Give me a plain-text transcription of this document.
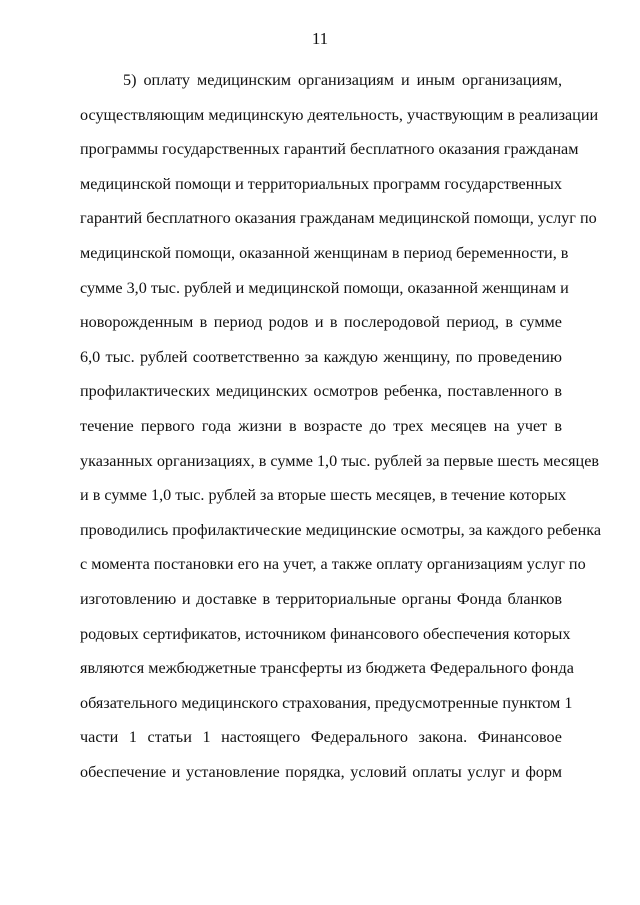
11
5) оплату медицинским организациям и иным организациям,
осуществляющим медицинскую деятельность, участвующим в реализации
программы государственных гарантий бесплатного оказания гражданам
медицинской помощи и территориальных программ государственных
гарантий бесплатного оказания гражданам медицинской помощи, услуг по
медицинской помощи, оказанной женщинам в период беременности, в
сумме 3,0 тыс. рублей и медицинской помощи, оказанной женщинам и
новорожденным в период родов и в послеродовой период, в сумме
6,0 тыс. рублей соответственно за каждую женщину, по проведению
профилактических медицинских осмотров ребенка, поставленного в
течение первого года жизни в возрасте до трех месяцев на учет в
указанных организациях, в сумме 1,0 тыс. рублей за первые шесть месяцев
и в сумме 1,0 тыс. рублей за вторые шесть месяцев, в течение которых
проводились профилактические медицинские осмотры, за каждого ребенка
с момента постановки его на учет, а также оплату организациям услуг по
изготовлению и доставке в территориальные органы Фонда бланков
родовых сертификатов, источником финансового обеспечения которых
являются межбюджетные трансферты из бюджета Федерального фонда
обязательного медицинского страхования, предусмотренные пунктом 1
части 1 статьи 1 настоящего Федерального закона. Финансовое
обеспечение и установление порядка, условий оплаты услуг и форм
